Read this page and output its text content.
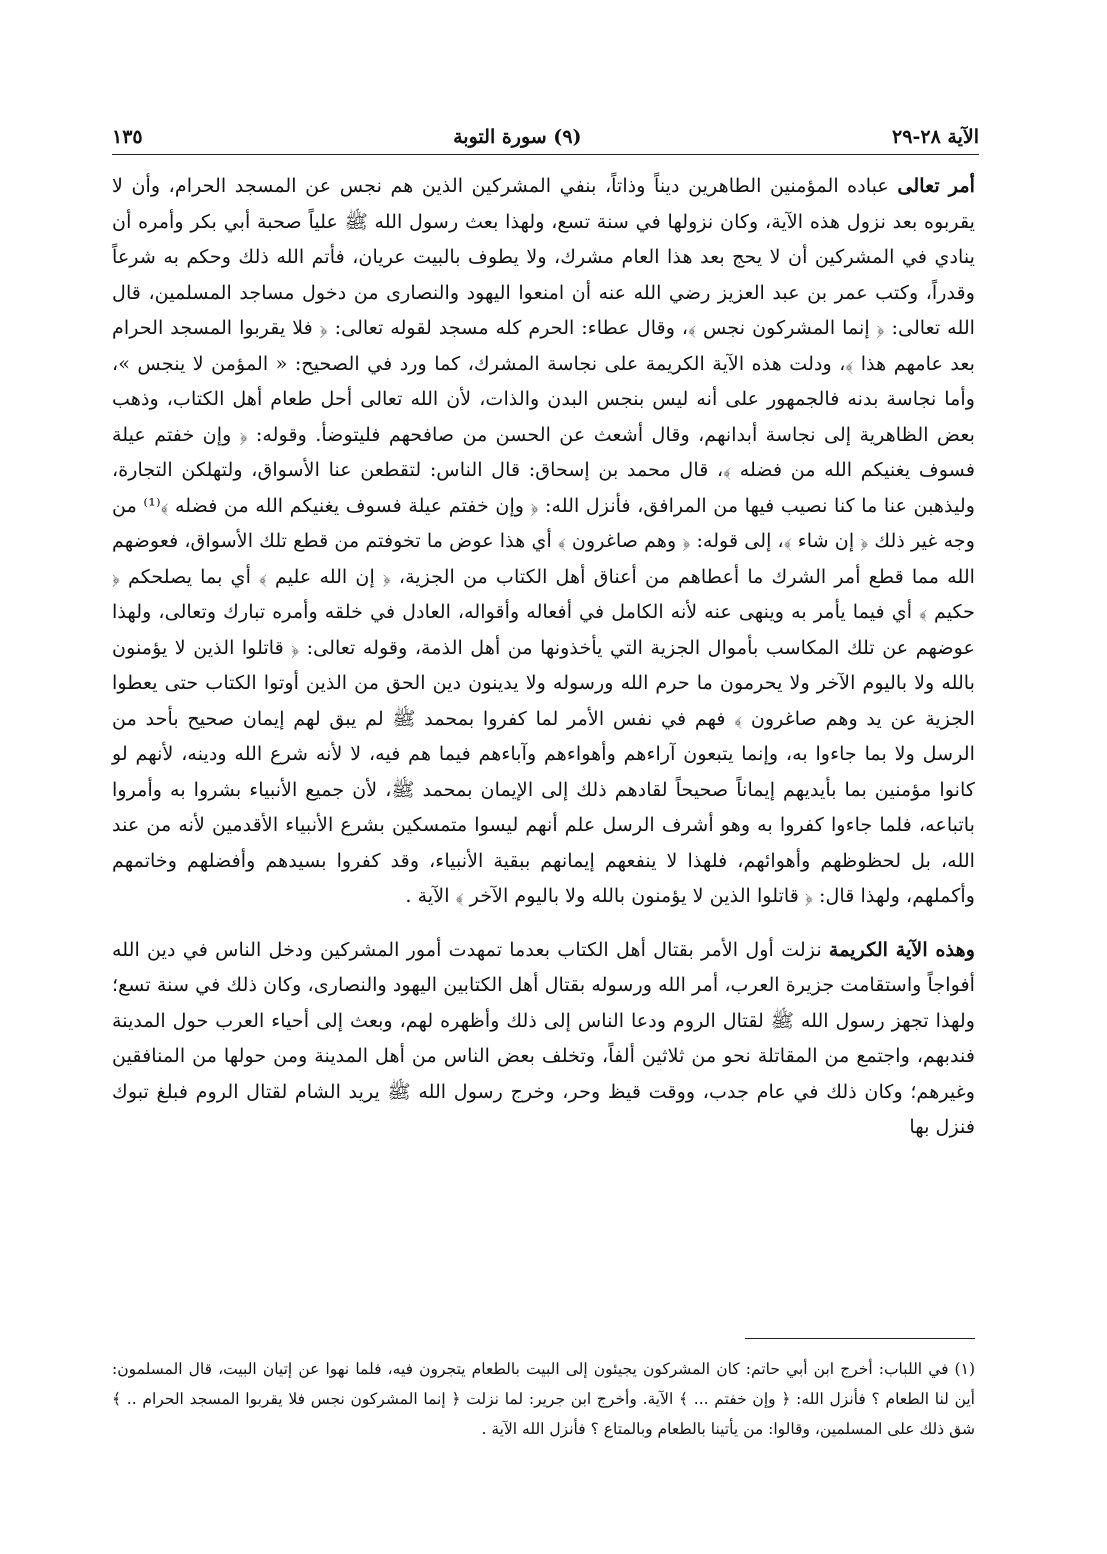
الآية ٢٨-٢٩
(٩) سورة التوبة
١٣٥

أمر تعالى عباده المؤمنين الطاهرين ديناً وذاتاً، بنفي المشركين الذين هم نجس عن المسجد الحرام، وأن لا يقربوه بعد نزول هذه الآية، وكان نزولها في سنة تسع، ولهذا بعث رسول الله ﷺ علياً صحبة أبي بكر وأمره أن ينادي في المشركين أن لا يحج بعد هذا العام مشرك، ولا يطوف بالبيت عريان، فأتم الله ذلك وحكم به شرعاً وقدراً، وكتب عمر بن عبد العزيز رضي الله عنه أن امنعوا اليهود والنصارى من دخول مساجد المسلمين، قال الله تعالى: ﴿ إنما المشركون نجس ﴾، وقال عطاء: الحرم كله مسجد لقوله تعالى: ﴿ فلا يقربوا المسجد الحرام بعد عامهم هذا ﴾، ودلت هذه الآية الكريمة على نجاسة المشرك، كما ورد في الصحيح: « المؤمن لا ينجس »، وأما نجاسة بدنه فالجمهور على أنه ليس بنجس البدن والذات، لأن الله تعالى أحل طعام أهل الكتاب، وذهب بعض الظاهرية إلى نجاسة أبدانهم، وقال أشعث عن الحسن من صافحهم فليتوضأ. وقوله: ﴿ وإن خفتم عيلة فسوف يغنيكم الله من فضله ﴾، قال محمد بن إسحاق: قال الناس: لتقطعن عنا الأسواق، ولتهلكن التجارة، وليذهبن عنا ما كنا نصيب فيها من المرافق، فأنزل الله: ﴿ وإن خفتم عيلة فسوف يغنيكم الله من فضله ﴾⁽¹⁾ من وجه غير ذلك ﴿ إن شاء ﴾، إلى قوله: ﴿ وهم صاغرون ﴾ أي هذا عوض ما تخوفتم من قطع تلك الأسواق، فعوضهم الله مما قطع أمر الشرك ما أعطاهم من أعناق أهل الكتاب من الجزية، ﴿ إن الله عليم ﴾ أي بما يصلحكم ﴿ حكيم ﴾ أي فيما يأمر به وينهى عنه لأنه الكامل في أفعاله وأقواله، العادل في خلقه وأمره تبارك وتعالى، ولهذا عوضهم عن تلك المكاسب بأموال الجزية التي يأخذونها من أهل الذمة، وقوله تعالى: ﴿ قاتلوا الذين لا يؤمنون بالله ولا باليوم الآخر ولا يحرمون ما حرم الله ورسوله ولا يدينون دين الحق من الذين أوتوا الكتاب حتى يعطوا الجزية عن يد وهم صاغرون ﴾ فهم في نفس الأمر لما كفروا بمحمد ﷺ لم يبق لهم إيمان صحيح بأحد من الرسل ولا بما جاءوا به، وإنما يتبعون آراءهم وأهواءهم وآباءهم فيما هم فيه، لا لأنه شرع الله ودينه، لأنهم لو كانوا مؤمنين بما بأيديهم إيماناً صحيحاً لقادهم ذلك إلى الإيمان بمحمد ﷺ، لأن جميع الأنبياء بشروا به وأمروا باتباعه، فلما جاءوا كفروا به وهو أشرف الرسل علم أنهم ليسوا متمسكين بشرع الأنبياء الأقدمين لأنه من عند الله، بل لحظوظهم وأهوائهم، فلهذا لا ينفعهم إيمانهم ببقية الأنبياء، وقد كفروا بسيدهم وأفضلهم وخاتمهم وأكملهم، ولهذا قال: ﴿ قاتلوا الذين لا يؤمنون بالله ولا باليوم الآخر ﴾ الآية .

وهذه الآية الكريمة نزلت أول الأمر بقتال أهل الكتاب بعدما تمهدت أمور المشركين ودخل الناس في دين الله أفواجاً واستقامت جزيرة العرب، أمر الله ورسوله بقتال أهل الكتابين اليهود والنصارى، وكان ذلك في سنة تسع؛ ولهذا تجهز رسول الله ﷺ لقتال الروم ودعا الناس إلى ذلك وأظهره لهم، وبعث إلى أحياء العرب حول المدينة فندبهم، واجتمع من المقاتلة نحو من ثلاثين ألفاً، وتخلف بعض الناس من أهل المدينة ومن حولها من المنافقين وغيرهم؛ وكان ذلك في عام جدب، ووقت قيظ وحر، وخرج رسول الله ﷺ يريد الشام لقتال الروم فبلغ تبوك فنزل بها

(١)في اللباب: أخرج ابن أبي حاتم: كان المشركون يجيئون إلى البيت بالطعام يتجرون فيه، فلما نهوا عن إتيان البيت، قال المسلمون: أين لنا الطعام ؟ فأنزل الله: ﴿ وإن خفتم ... ﴾ الآية. وأخرج ابن جرير: لما نزلت ﴿ إنما المشركون نجس فلا يقربوا المسجد الحرام .. ﴾ شق ذلك على المسلمين، وقالوا: من يأتينا بالطعام وبالمتاع ؟ فأنزل الله الآية .
